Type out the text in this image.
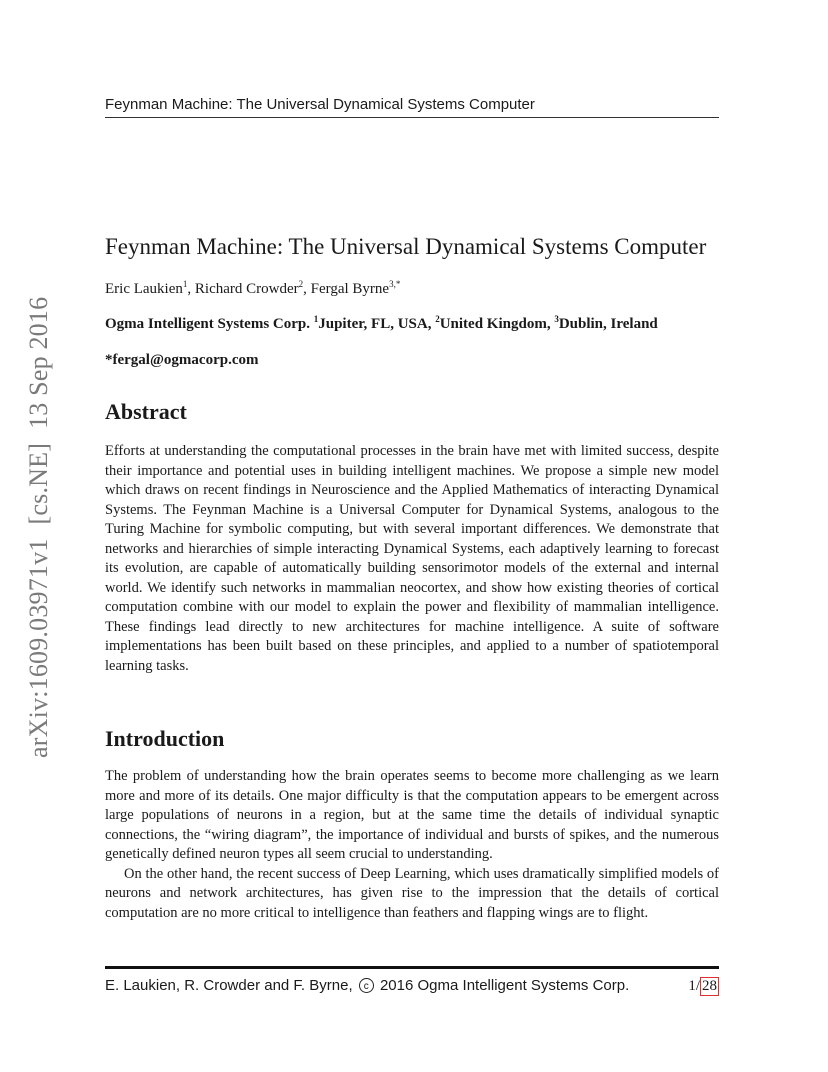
Feynman Machine: The Universal Dynamical Systems Computer
arXiv:1609.03971v1[cs.NE]13 Sep 2016
Feynman Machine: The Universal Dynamical Systems Computer
Eric Laukien$^1$, Richard Crowder$^2$, Fergal Byrne$^{3,*}$
Ogma Intelligent Systems Corp. $^1$Jupiter, FL, USA, $^2$United Kingdom, $^3$Dublin, Ireland
*fergal@ogmacorp.com
Abstract

Efforts at understanding the computational processes in the brain have met with limited success, despite their importance and potential uses in building intelligent machines. We propose a simple new model which draws on recent findings in Neuroscience and the Applied Mathematics of interacting Dynamical Systems. The Feynman Machine is a Universal Computer for Dynamical Systems, analogous to the Turing Machine for symbolic computing, but with several important differences. We demonstrate that networks and hierarchies of simple interacting Dynamical Systems, each adaptively learning to forecast its evolution, are capable of automatically building sensorimotor models of the external and internal world. We identify such networks in mammalian neocortex, and show how existing theories of cortical computation combine with our model to explain the power and flexibility of mammalian intelligence. These findings lead directly to new architectures for machine intelligence. A suite of software implementations has been built based on these principles, and applied to a number of spatiotemporal learning tasks.

Introduction

The problem of understanding how the brain operates seems to become more challenging as we learn more and more of its details. One major difficulty is that the computation appears to be emergent across large populations of neurons in a region, but at the same time the details of individual synaptic connections, the “wiring diagram”, the importance of individual and bursts of spikes, and the numerous genetically defined neuron types all seem crucial to understanding.

On the other hand, the recent success of Deep Learning, which uses dramatically simplified models of neurons and network architectures, has given rise to the impression that the details of cortical computation are no more critical to intelligence than feathers and flapping wings are to flight.

E. Laukien, R. Crowder and F. Byrne, c 2016 Ogma Intelligent Systems Corp.	1/ 28
